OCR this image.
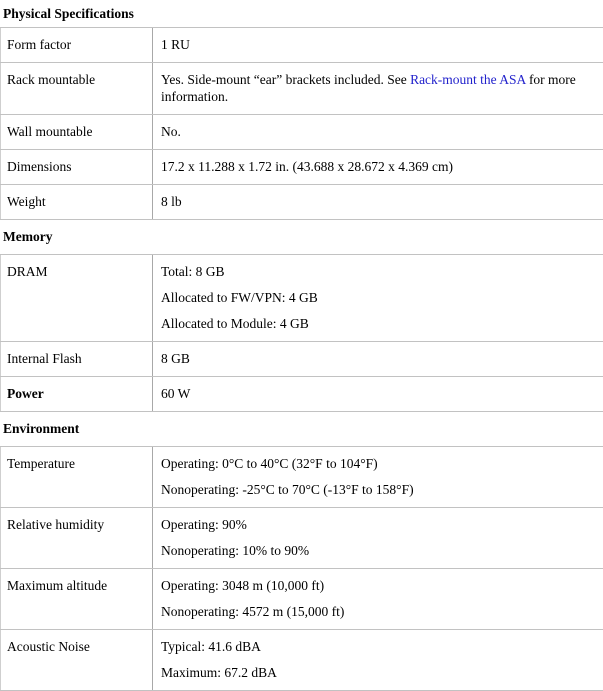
Physical Specifications
Form factor	1 RU
Rack mountable	Yes. Side-mount “ear” brackets included. See Rack-mount the ASA for more information.
Wall mountable	No.
Dimensions	17.2 x 11.288 x 1.72 in. (43.688 x 28.672 x 4.369 cm)
Weight	8 lb
Memory
DRAM	Total: 8 GB
Allocated to FW/VPN: 4 GB
Allocated to Module: 4 GB
Internal Flash	8 GB
Power	60 W
Environment
Temperature	Operating: 0°C to 40°C (32°F to 104°F)
Nonoperating: -25°C to 70°C (-13°F to 158°F)
Relative humidity	Operating: 90%
Nonoperating: 10% to 90%
Maximum altitude	Operating: 3048 m (10,000 ft)
Nonoperating: 4572 m (15,000 ft)
Acoustic Noise	Typical: 41.6 dBA
Maximum: 67.2 dBA
